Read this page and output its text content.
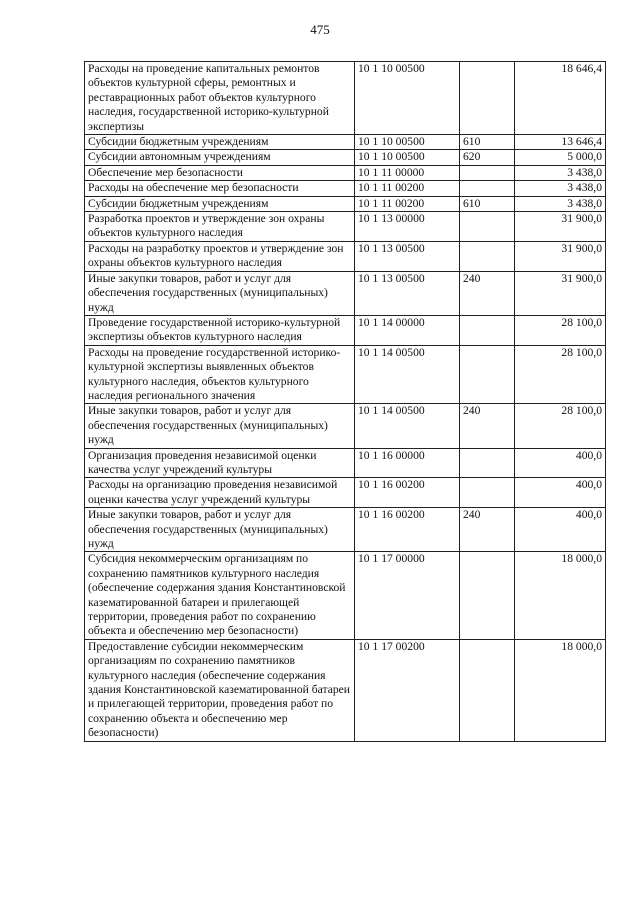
475
Расходы на проведение капитальных ремонтов объектов культурной сферы, ремонтных и реставрационных работ объектов культурного наследия, государственной историко-культурной экспертизы	10 1 10 00500		18 646,4
Субсидии бюджетным учреждениям	10 1 10 00500	610	13 646,4
Субсидии автономным учреждениям	10 1 10 00500	620	5 000,0
Обеспечение мер безопасности	10 1 11 00000		3 438,0
Расходы на обеспечение мер безопасности	10 1 11 00200		3 438,0
Субсидии бюджетным учреждениям	10 1 11 00200	610	3 438,0
Разработка проектов и утверждение зон охраны объектов культурного наследия	10 1 13 00000		31 900,0
Расходы на разработку проектов и утверждение зон охраны объектов культурного наследия	10 1 13 00500		31 900,0
Иные закупки товаров, работ и услуг для обеспечения государственных (муниципальных) нужд	10 1 13 00500	240	31 900,0
Проведение государственной историко-культурной экспертизы объектов культурного наследия	10 1 14 00000		28 100,0
Расходы на проведение государственной историко-культурной экспертизы выявленных объектов культурного наследия, объектов культурного наследия регионального значения	10 1 14 00500		28 100,0
Иные закупки товаров, работ и услуг для обеспечения государственных (муниципальных) нужд	10 1 14 00500	240	28 100,0
Организация проведения независимой оценки качества услуг учреждений культуры	10 1 16 00000		400,0
Расходы на организацию проведения независимой оценки качества услуг учреждений культуры	10 1 16 00200		400,0
Иные закупки товаров, работ и услуг для обеспечения государственных (муниципальных) нужд	10 1 16 00200	240	400,0
Субсидия некоммерческим организациям по сохранению памятников культурного наследия (обеспечение содержания здания Константиновской казематированной батареи и прилегающей территории, проведения работ по сохранению объекта и обеспечению мер безопасности)	10 1 17 00000		18 000,0
Предоставление субсидии некоммерческим организациям по сохранению памятников культурного наследия (обеспечение содержания здания Константиновской казематированной батареи и прилегающей территории, проведения работ по сохранению объекта и обеспечению мер безопасности)	10 1 17 00200		18 000,0
